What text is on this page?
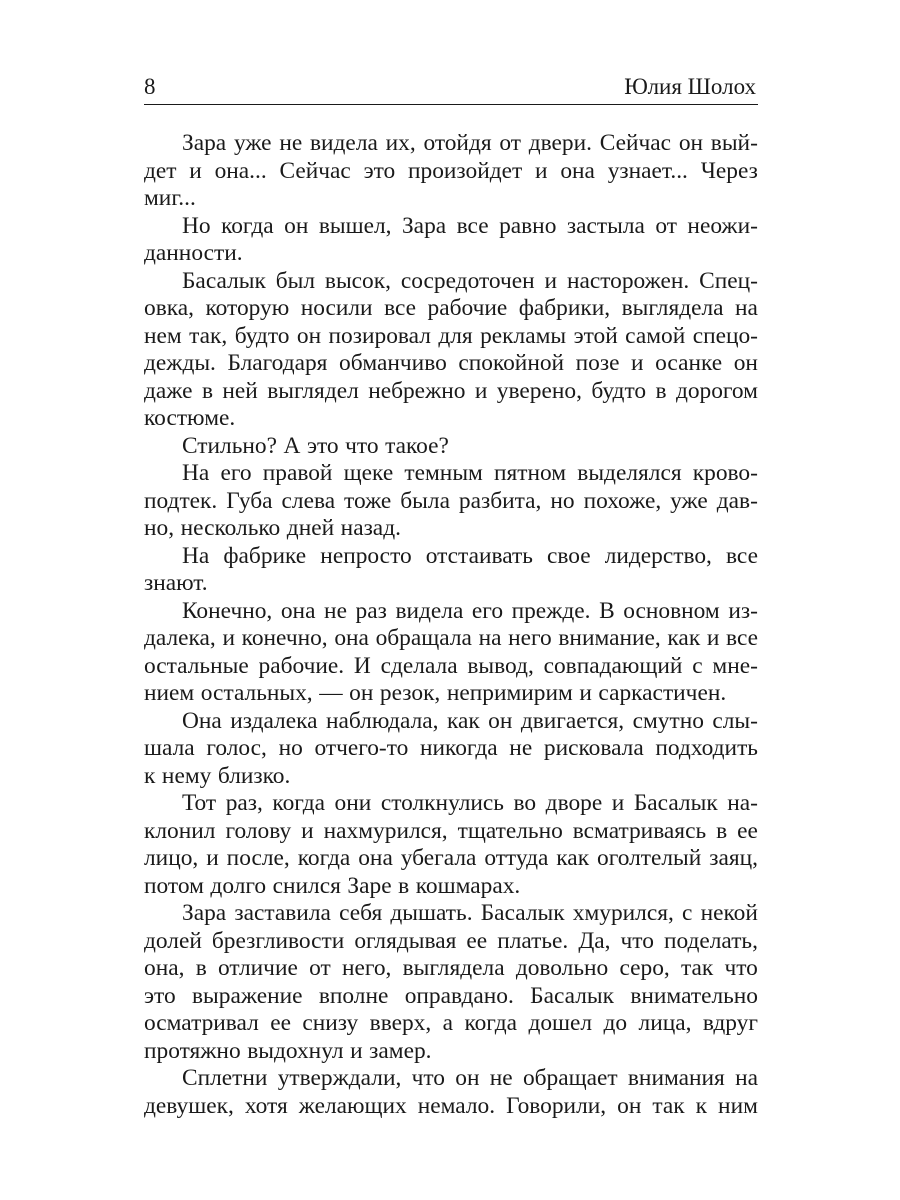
8	Юлия Шолох
Зара уже не видела их, отойдя от двери. Сейчас он вый-
дет и она... Сейчас это произойдет и она узнает... Через
миг...
Но когда он вышел, Зара все равно застыла от неожи-
данности.
Басалык был высок, сосредоточен и насторожен. Спец-
овка, которую носили все рабочие фабрики, выглядела на
нем так, будто он позировал для рекламы этой самой спецо-
дежды. Благодаря обманчиво спокойной позе и осанке он
даже в ней выглядел небрежно и уверено, будто в дорогом
костюме.
Стильно? А это что такое?
На его правой щеке темным пятном выделялся крово-
подтек. Губа слева тоже была разбита, но похоже, уже дав-
но, несколько дней назад.
На фабрике непросто отстаивать свое лидерство, все
знают.
Конечно, она не раз видела его прежде. В основном из-
далека, и конечно, она обращала на него внимание, как и все
остальные рабочие. И сделала вывод, совпадающий с мне-
нием остальных, — он резок, непримирим и саркастичен.
Она издалека наблюдала, как он двигается, смутно слы-
шала голос, но отчего-то никогда не рисковала подходить
к нему близко.
Тот раз, когда они столкнулись во дворе и Басалык на-
клонил голову и нахмурился, тщательно всматриваясь в ее
лицо, и после, когда она убегала оттуда как оголтелый заяц,
потом долго снился Заре в кошмарах.
Зара заставила себя дышать. Басалык хмурился, с некой
долей брезгливости оглядывая ее платье. Да, что поделать,
она, в отличие от него, выглядела довольно серо, так что
это выражение вполне оправдано. Басалык внимательно
осматривал ее снизу вверх, а когда дошел до лица, вдруг
протяжно выдохнул и замер.
Сплетни утверждали, что он не обращает внимания на
девушек, хотя желающих немало. Говорили, он так к ним
